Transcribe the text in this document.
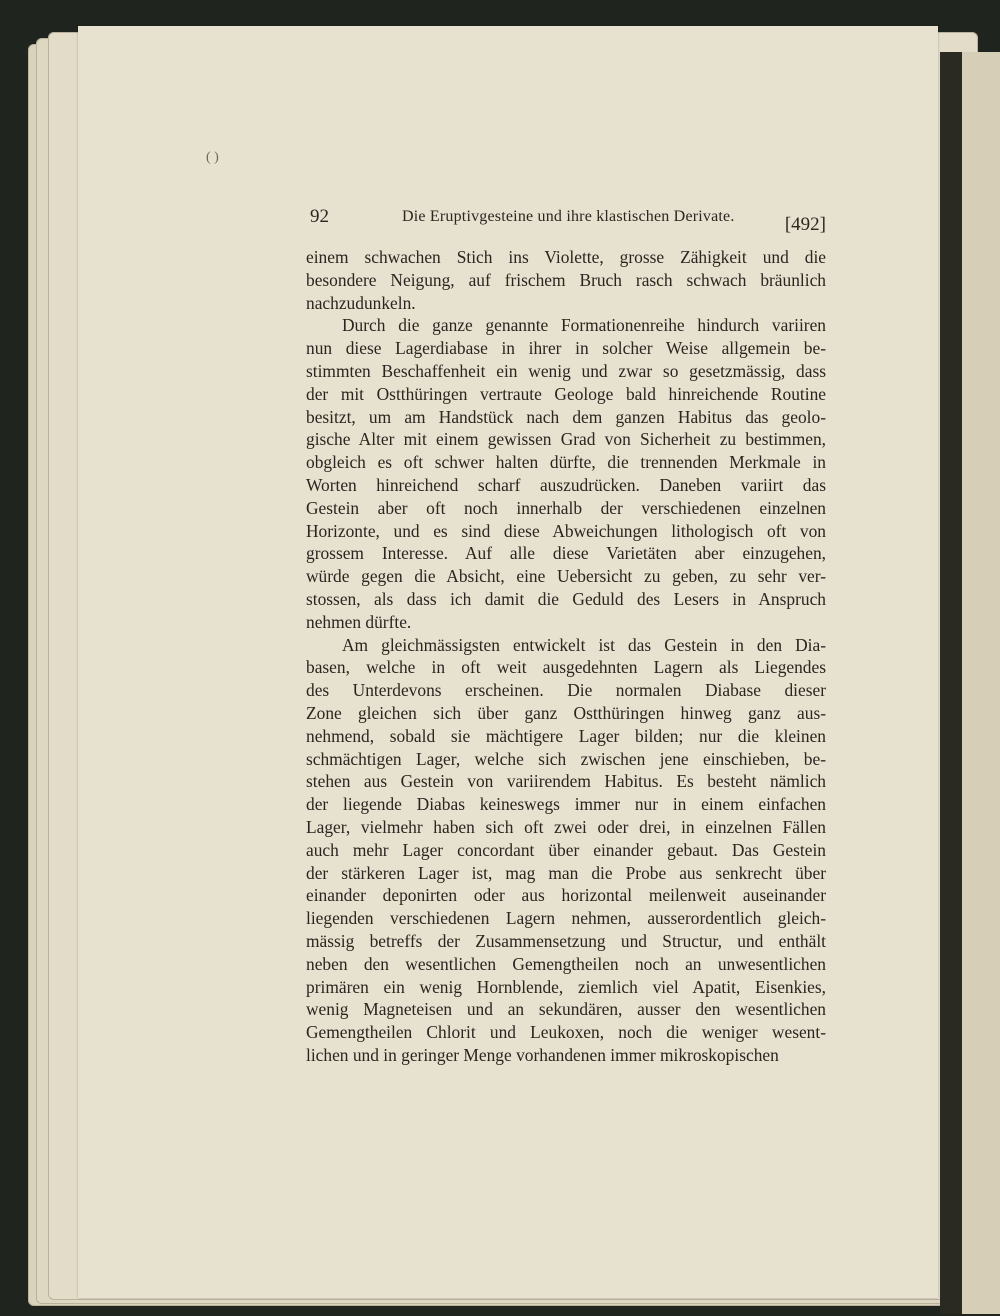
( )
92	Die Eruptivgesteine und ihre klastischen Derivate.	[492]
einem schwachen Stich ins Violette, grosse Zähigkeit und die
besondere Neigung, auf frischem Bruch rasch schwach bräunlich
nachzudunkeln.
Durch die ganze genannte Formationenreihe hindurch variiren
nun diese Lagerdiabase in ihrer in solcher Weise allgemein be-
stimmten Beschaffenheit ein wenig und zwar so gesetzmässig, dass
der mit Ostthüringen vertraute Geologe bald hinreichende Routine
besitzt, um am Handstück nach dem ganzen Habitus das geolo-
gische Alter mit einem gewissen Grad von Sicherheit zu bestimmen,
obgleich es oft schwer halten dürfte, die trennenden Merkmale in
Worten hinreichend scharf auszudrücken. Daneben variirt das
Gestein aber oft noch innerhalb der verschiedenen einzelnen
Horizonte, und es sind diese Abweichungen lithologisch oft von
grossem Interesse. Auf alle diese Varietäten aber einzugehen,
würde gegen die Absicht, eine Uebersicht zu geben, zu sehr ver-
stossen, als dass ich damit die Geduld des Lesers in Anspruch
nehmen dürfte.
Am gleichmässigsten entwickelt ist das Gestein in den Dia-
basen, welche in oft weit ausgedehnten Lagern als Liegendes
des Unterdevons erscheinen. Die normalen Diabase dieser
Zone gleichen sich über ganz Ostthüringen hinweg ganz aus-
nehmend, sobald sie mächtigere Lager bilden; nur die kleinen
schmächtigen Lager, welche sich zwischen jene einschieben, be-
stehen aus Gestein von variirendem Habitus. Es besteht nämlich
der liegende Diabas keineswegs immer nur in einem einfachen
Lager, vielmehr haben sich oft zwei oder drei, in einzelnen Fällen
auch mehr Lager concordant über einander gebaut. Das Gestein
der stärkeren Lager ist, mag man die Probe aus senkrecht über
einander deponirten oder aus horizontal meilenweit auseinander
liegenden verschiedenen Lagern nehmen, ausserordentlich gleich-
mässig betreffs der Zusammensetzung und Structur, und enthält
neben den wesentlichen Gemengtheilen noch an unwesentlichen
primären ein wenig Hornblende, ziemlich viel Apatit, Eisenkies,
wenig Magneteisen und an sekundären, ausser den wesentlichen
Gemengtheilen Chlorit und Leukoxen, noch die weniger wesent-
lichen und in geringer Menge vorhandenen immer mikroskopischen
